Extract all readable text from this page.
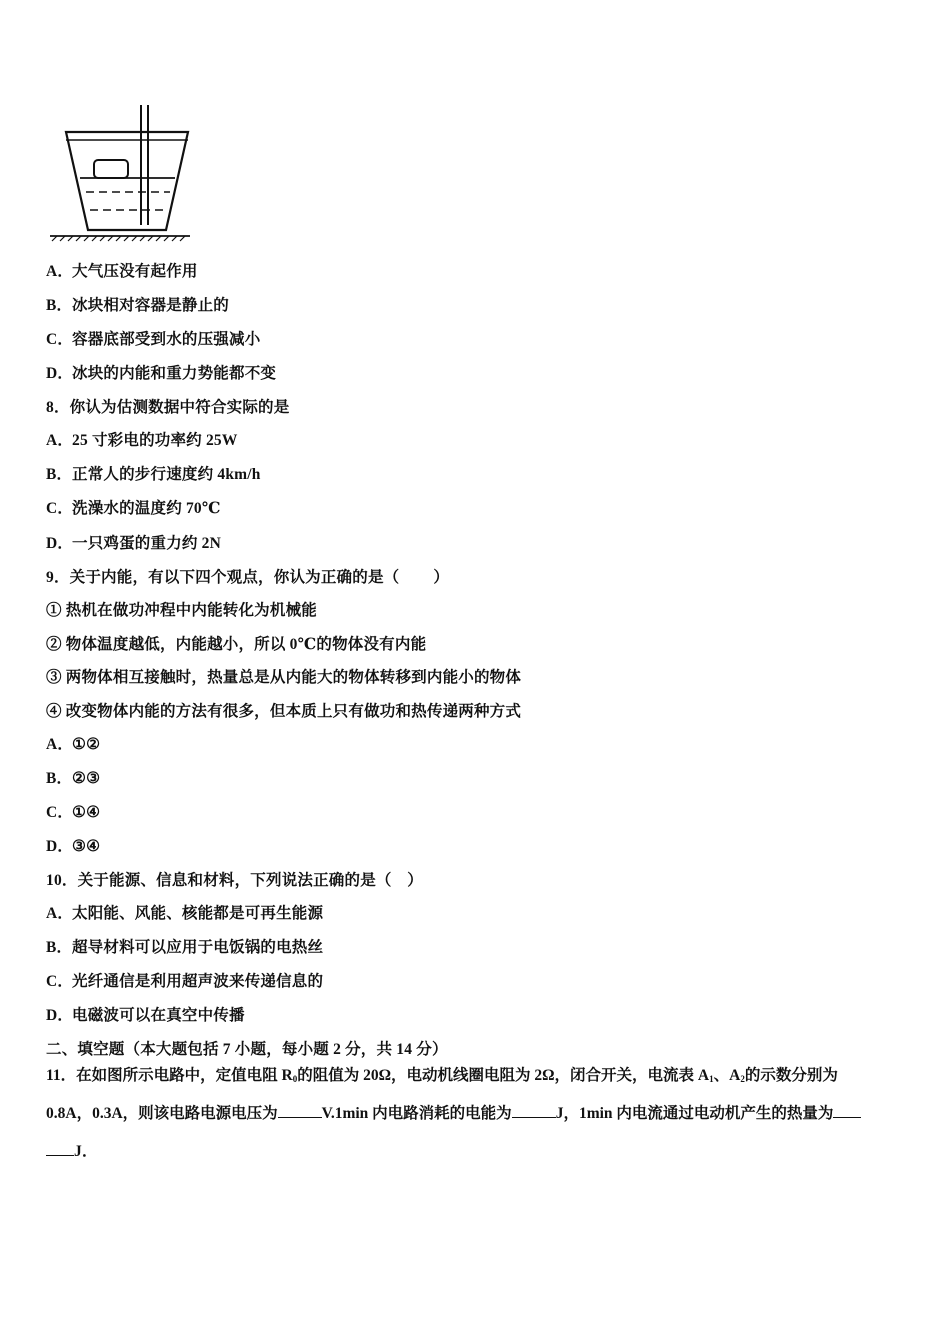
A．大气压没有起作用
B．冰块相对容器是静止的
C．容器底部受到水的压强减小
D．冰块的内能和重力势能都不变
8．你认为估测数据中符合实际的是
A．25 寸彩电的功率约 25W
B．正常人的步行速度约 4km/h
C．洗澡水的温度约 70℃
D．一只鸡蛋的重力约 2N
9．关于内能，有以下四个观点，你认为正确的是（ ）
① 热机在做功冲程中内能转化为机械能
② 物体温度越低，内能越小，所以 0℃的物体没有内能
③ 两物体相互接触时，热量总是从内能大的物体转移到内能小的物体
④ 改变物体内能的方法有很多，但本质上只有做功和热传递两种方式
A．①②
B．②③
C．①④
D．③④
10．关于能源、信息和材料，下列说法正确的是（　）
A．太阳能、风能、核能都是可再生能源
B．超导材料可以应用于电饭锅的电热丝
C．光纤通信是利用超声波来传递信息的
D．电磁波可以在真空中传播
二、填空题（本大题包括 7 小题，每小题 2 分，共 14 分）
11．在如图所示电路中，定值电阻 $R_0$的阻值为 20Ω，电动机线圈电阻为 2Ω，闭合开关，电流表 $A_1$、$A_2$的示数分别为
0.8A，0.3A，则该电路电源电压为	V.1min 内电路消耗的电能为	J，1min 内电流通过电动机产生的热量为
J．
